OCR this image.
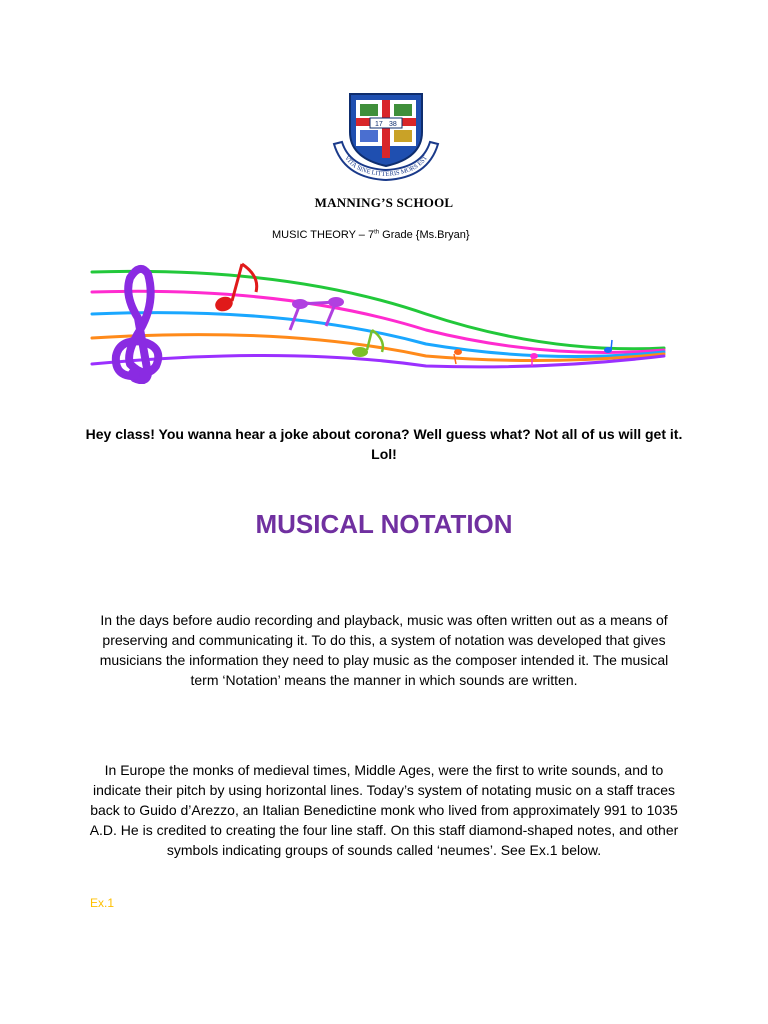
VITA SINE LITTERIS MORS EST
17 38
MANNING’S SCHOOL
MUSIC THEORY – 7th Grade {Ms.Bryan}
Hey class! You wanna hear a joke about corona? Well guess what? Not all of us will get it. Lol!
MUSICAL NOTATION
In the days before audio recording and playback, music was often written out as a means of preserving and communicating it. To do this, a system of notation was developed that gives musicians the information they need to play music as the composer intended it. The musical term ‘Notation’ means the manner in which sounds are written.
In Europe the monks of medieval times, Middle Ages, were the first to write sounds, and to indicate their pitch by using horizontal lines. Today’s system of notating music on a staff traces back to Guido d’Arezzo, an Italian Benedictine monk who lived from approximately 991 to 1035 A.D. He is credited to creating the four line staff. On this staff diamond-shaped notes, and other symbols indicating groups of sounds called ‘neumes’. See Ex.1 below.
Ex.1
